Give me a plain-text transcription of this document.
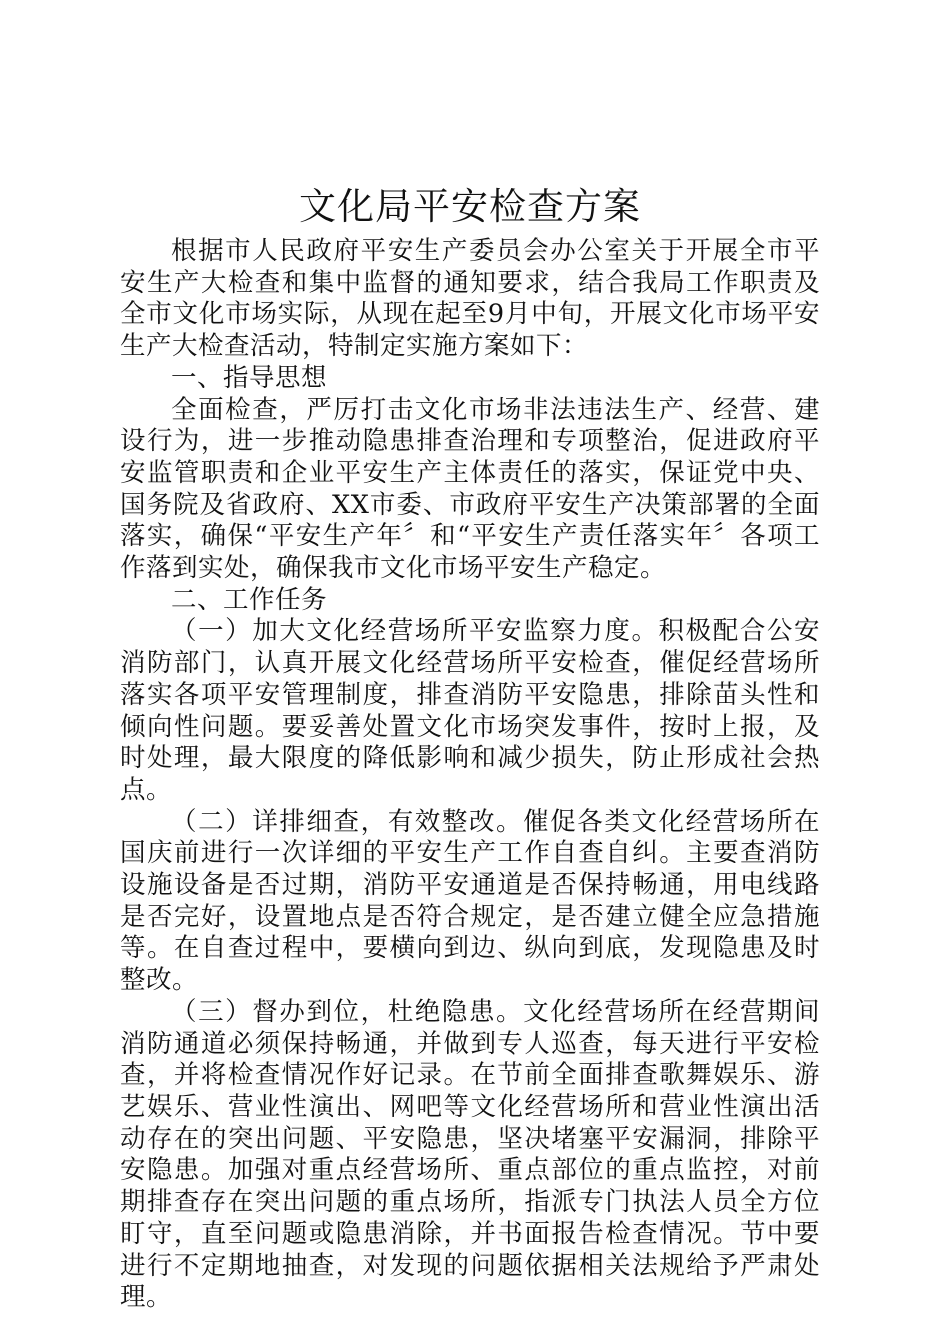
文化局平安检查方案

根据市人民政府平安生产委员会办公室关于开展全市平安生产大检查和集中监督的通知要求，结合我局工作职责及全市文化市场实际，从现在起至9月中旬，开展文化市场平安生产大检查活动，特制定实施方案如下：

一、指导思想

全面检查，严厉打击文化市场非法违法生产、经营、建设行为，进一步推动隐患排查治理和专项整治，促进政府平安监管职责和企业平安生产主体责任的落实，保证党中央、国务院及省政府、XX市委、市政府平安生产决策部署的全面落实，确保“平安生产年〞和“平安生产责任落实年〞各项工作落到实处，确保我市文化市场平安生产稳定。

二、工作任务

（一）加大文化经营场所平安监察力度。积极配合公安消防部门，认真开展文化经营场所平安检查，催促经营场所落实各项平安管理制度，排查消防平安隐患，排除苗头性和倾向性问题。要妥善处置文化市场突发事件，按时上报，及时处理，最大限度的降低影响和减少损失，防止形成社会热点。

（二）详排细查，有效整改。催促各类文化经营场所在国庆前进行一次详细的平安生产工作自查自纠。主要查消防设施设备是否过期，消防平安通道是否保持畅通，用电线路是否完好，设置地点是否符合规定，是否建立健全应急措施等。在自查过程中，要横向到边、纵向到底，发现隐患及时整改。

（三）督办到位，杜绝隐患。文化经营场所在经营期间消防通道必须保持畅通，并做到专人巡查，每天进行平安检查，并将检查情况作好记录。在节前全面排查歌舞娱乐、游艺娱乐、营业性演出、网吧等文化经营场所和营业性演出活动存在的突出问题、平安隐患，坚决堵塞平安漏洞，排除平安隐患。加强对重点经营场所、重点部位的重点监控，对前期排查存在突出问题的重点场所，指派专门执法人员全方位盯守，直至问题或隐患消除，并书面报告检查情况。节中要进行不定期地抽查，对发现的问题依据相关法规给予严肃处理。
